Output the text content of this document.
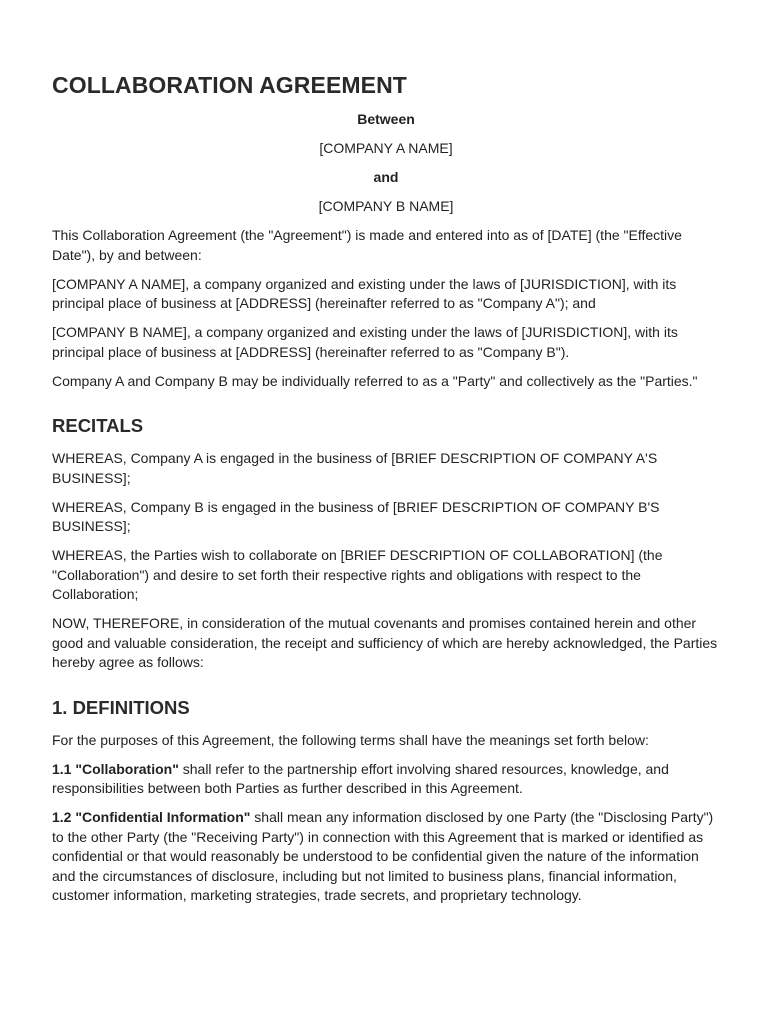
COLLABORATION AGREEMENT
Between
[COMPANY A NAME]
and
[COMPANY B NAME]

This Collaboration Agreement (the "Agreement") is made and entered into as of [DATE] (the "Effective Date"), by and between:

[COMPANY A NAME], a company organized and existing under the laws of [JURISDICTION], with its principal place of business at [ADDRESS] (hereinafter referred to as "Company A"); and

[COMPANY B NAME], a company organized and existing under the laws of [JURISDICTION], with its principal place of business at [ADDRESS] (hereinafter referred to as "Company B").

Company A and Company B may be individually referred to as a "Party" and collectively as the "Parties."

RECITALS

WHEREAS, Company A is engaged in the business of [BRIEF DESCRIPTION OF COMPANY A'S BUSINESS];

WHEREAS, Company B is engaged in the business of [BRIEF DESCRIPTION OF COMPANY B'S BUSINESS];

WHEREAS, the Parties wish to collaborate on [BRIEF DESCRIPTION OF COLLABORATION] (the "Collaboration") and desire to set forth their respective rights and obligations with respect to the Collaboration;

NOW, THEREFORE, in consideration of the mutual covenants and promises contained herein and other good and valuable consideration, the receipt and sufficiency of which are hereby acknowledged, the Parties hereby agree as follows:

1. DEFINITIONS

For the purposes of this Agreement, the following terms shall have the meanings set forth below:

1.1 "Collaboration" shall refer to the partnership effort involving shared resources, knowledge, and responsibilities between both Parties as further described in this Agreement.

1.2 "Confidential Information" shall mean any information disclosed by one Party (the "Disclosing Party") to the other Party (the "Receiving Party") in connection with this Agreement that is marked or identified as confidential or that would reasonably be understood to be confidential given the nature of the information and the circumstances of disclosure, including but not limited to business plans, financial information, customer information, marketing strategies, trade secrets, and proprietary technology.
